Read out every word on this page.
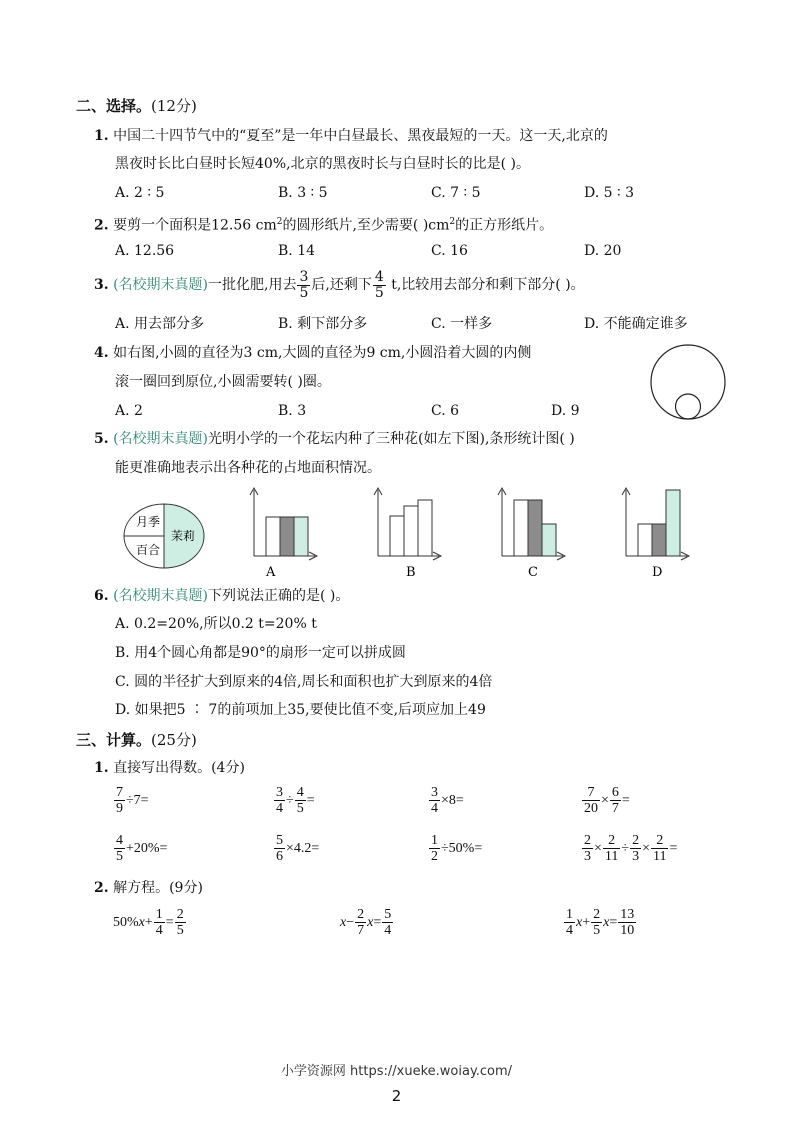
二、选择。(12分)
1. 中国二十四节气中的“夏至”是一年中白昼最长、黑夜最短的一天。这一天,北京的
黑夜时长比白昼时长短40%,北京的黑夜时长与白昼时长的比是( )。
A. 2 ∶ 5	B. 3 ∶ 5	C. 7 ∶ 5	D. 5 ∶ 3
2. 要剪一个面积是12.56 $cm^2$的圆形纸片,至少需要( )$cm^2$的正方形纸片。
A. 12.56	B. 14	C. 16	D. 20
3. (名校期末真题)一批化肥,用去 $\frac{3}{5}$ 后,还剩下 $\frac{4}{5} t$,比较用去部分和剩下部分( )。
A. 用去部分多	B. 剩下部分多	C. 一样多	D. 不能确定谁多
4. 如右图,小圆的直径为3 cm,大圆的直径为9 cm,小圆沿着大圆的内侧
滚一圈回到原位,小圆需要转( )圈。
A. 2	B. 3	C. 6	D. 9
5. (名校期末真题)光明小学的一个花坛内种了三种花(如左下图),条形统计图( )
能更准确地表示出各种花的占地面积情况。
月季
茉莉
百合
A	B	C	D
6. (名校期末真题)下列说法正确的是( )。
A. 0.2=20%,所以0.2 t=20% t
B. 用4个圆心角都是90°的扇形一定可以拼成圆
C. 圆的半径扩大到原来的4倍,周长和面积也扩大到原来的4倍
D. 如果把5 ∶ 7的前项加上35,要使比值不变,后项应加上49
三、计算。(25分)
1. 直接写出得数。(4分)
$\frac{7}{9} \div 7=$	$\frac{3}{4} \div \frac{4}{5}$ =	$\frac{3}{4} \times 8=$	$\frac{7}{20} \times \frac{6}{7}$ =
$\frac{4}{5} +20\%=$	$\frac{5}{6} \times 4.2=$	$\frac{1}{2} \div 50\%=$	$\frac{2}{3} \times \frac{2}{11} \div \frac{2}{3} \times \frac{2}{11}$ =
2. 解方程。(9分)
$50\%x+ \frac{1}{4} = \frac{2}{5}$	$x- \frac{2}{7} x= \frac{5}{4}$	$\frac{1}{4} x+ \frac{2}{5} x= \frac{13}{10}$
小学资源网 https://xueke.woiay.com/
2
